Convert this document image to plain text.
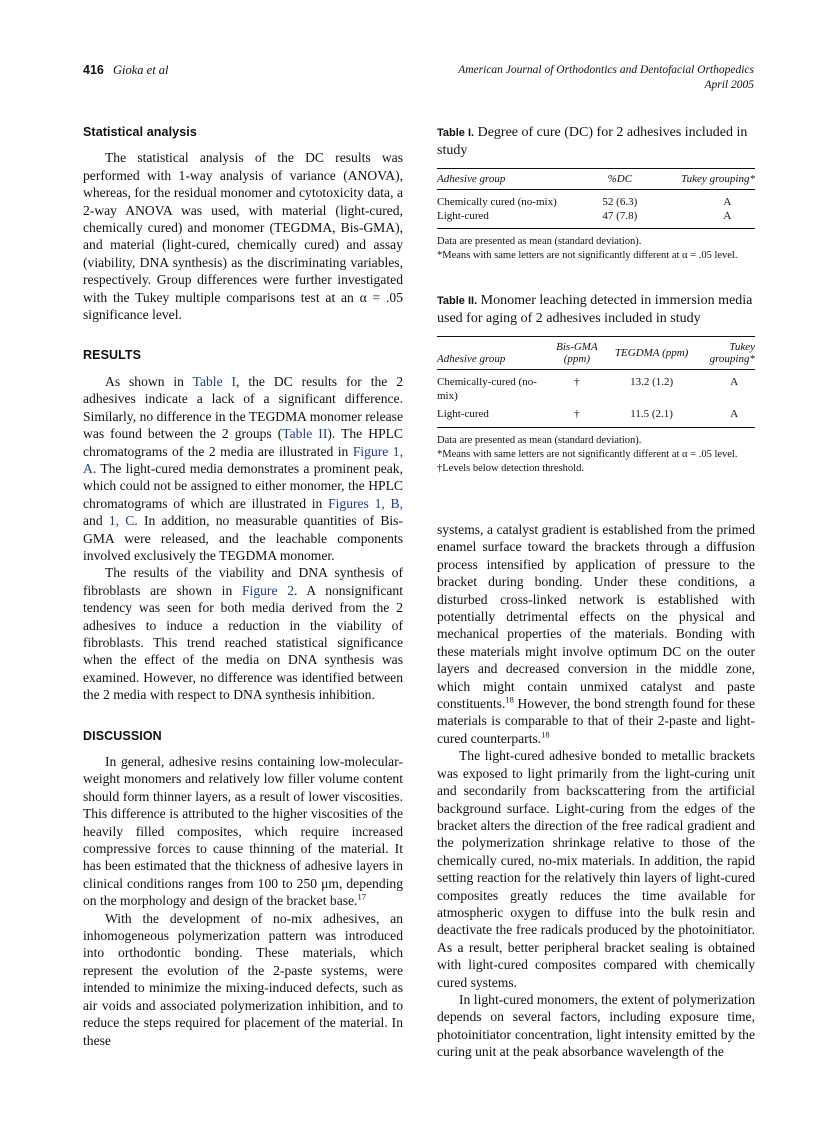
416 Gioka et al	American Journal of Orthodontics and Dentofacial Orthopedics
April 2005
Statistical analysis

The statistical analysis of the DC results was performed with 1-way analysis of variance (ANOVA), whereas, for the residual monomer and cytotoxicity data, a 2-way ANOVA was used, with material (light-cured, chemically cured) and monomer (TEGDMA, Bis-GMA), and material (light-cured, chemically cured) and assay (viability, DNA synthesis) as the discriminating variables, respectively. Group differences were further investigated with the Tukey multiple comparisons test at an α = .05 significance level.

RESULTS

As shown in Table I, the DC results for the 2 adhesives indicate a lack of a significant difference. Similarly, no difference in the TEGDMA monomer release was found between the 2 groups (Table II). The HPLC chromatograms of the 2 media are illustrated in Figure 1, A. The light-cured media demonstrates a prominent peak, which could not be assigned to either monomer, the HPLC chromatograms of which are illustrated in Figures 1, B, and 1, C. In addition, no measurable quantities of Bis-GMA were released, and the leachable components involved exclusively the TEGDMA monomer.

The results of the viability and DNA synthesis of fibroblasts are shown in Figure 2. A nonsignificant tendency was seen for both media derived from the 2 adhesives to induce a reduction in the viability of fibroblasts. This trend reached statistical significance when the effect of the media on DNA synthesis was examined. However, no difference was identified between the 2 media with respect to DNA synthesis inhibition.

DISCUSSION

In general, adhesive resins containing low-molecular-weight monomers and relatively low filler volume content should form thinner layers, as a result of lower viscosities. This difference is attributed to the higher viscosities of the heavily filled composites, which require increased compressive forces to cause thinning of the material. It has been estimated that the thickness of adhesive layers in clinical conditions ranges from 100 to 250 μm, depending on the morphology and design of the bracket base.$^{17}$

With the development of no-mix adhesives, an inhomogeneous polymerization pattern was introduced into orthodontic bonding. These materials, which represent the evolution of the 2-paste systems, were intended to minimize the mixing-induced defects, such as air voids and associated polymerization inhibition, and to reduce the steps required for placement of the material. In these

Table I. Degree of cure (DC) for 2 adhesives included in study
Adhesive group	%DC	Tukey grouping*
Chemically cured (no-mix)	52 (6.3)	A
Light-cured	47 (7.8)	A
Data are presented as mean (standard deviation).
*Means with same letters are not significantly different at α = .05 level.
Table II. Monomer leaching detected in immersion media used for aging of 2 adhesives included in study
Adhesive group	Bis-GMA (ppm)	TEGDMA (ppm)	Tukey grouping*
Chemically-cured (no-mix)	†	13.2 (1.2)	A
Light-cured	†	11.5 (2.1)	A
Data are presented as mean (standard deviation).
*Means with same letters are not significantly different at α = .05 level.
†Levels below detection threshold.

systems, a catalyst gradient is established from the primed enamel surface toward the brackets through a diffusion process intensified by application of pressure to the bracket during bonding. Under these conditions, a disturbed cross-linked network is established with potentially detrimental effects on the physical and mechanical properties of the materials. Bonding with these materials might involve optimum DC on the outer layers and decreased conversion in the middle zone, which might contain unmixed catalyst and paste constituents.$^{18}$ However, the bond strength found for these materials is comparable to that of their 2-paste and light-cured counterparts.$^{18}$

The light-cured adhesive bonded to metallic brackets was exposed to light primarily from the light-curing unit and secondarily from backscattering from the artificial background surface. Light-curing from the edges of the bracket alters the direction of the free radical gradient and the polymerization shrinkage relative to those of the chemically cured, no-mix materials. In addition, the rapid setting reaction for the relatively thin layers of light-cured composites greatly reduces the time available for atmospheric oxygen to diffuse into the bulk resin and deactivate the free radicals produced by the photoinitiator. As a result, better peripheral bracket sealing is obtained with light-cured composites compared with chemically cured systems.

In light-cured monomers, the extent of polymerization depends on several factors, including exposure time, photoinitiator concentration, light intensity emitted by the curing unit at the peak absorbance wavelength of the
